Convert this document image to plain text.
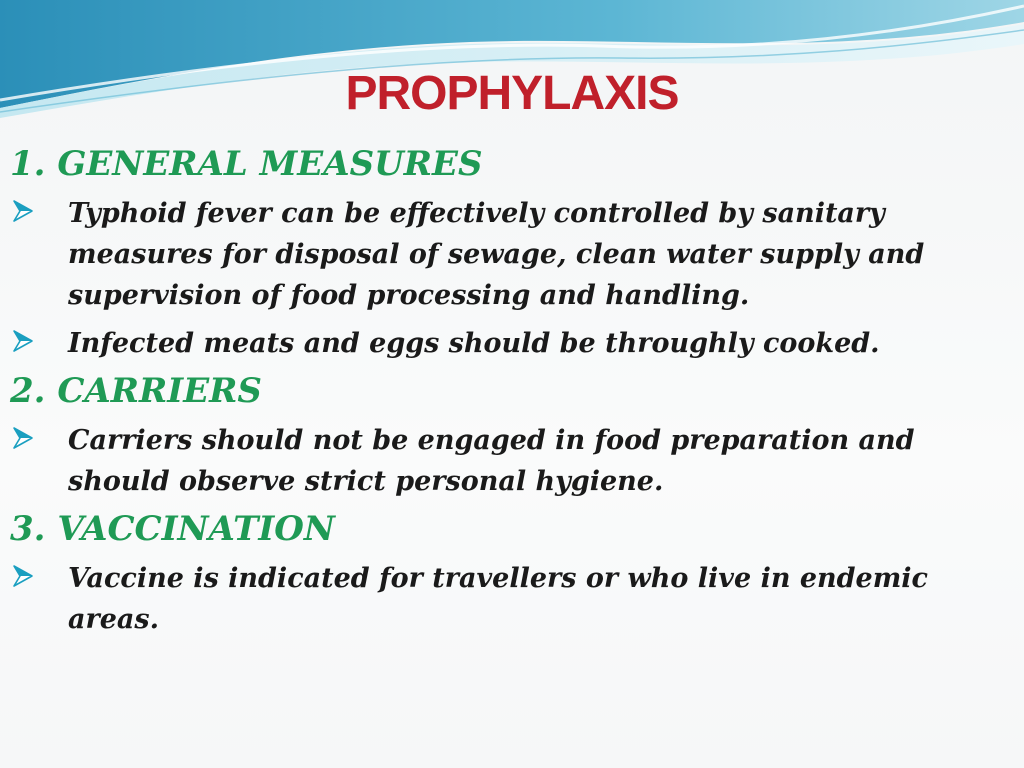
PROPHYLAXIS
1. GENERAL MEASURES
Typhoid fever can be effectively controlled by sanitary measures for disposal of sewage, clean water supply and supervision of food processing and handling.
Infected meats and eggs should be throughly cooked.
2. CARRIERS
Carriers should not be engaged in food preparation and should observe strict personal hygiene.
3. VACCINATION
Vaccine is indicated for travellers or who live in endemic areas.
